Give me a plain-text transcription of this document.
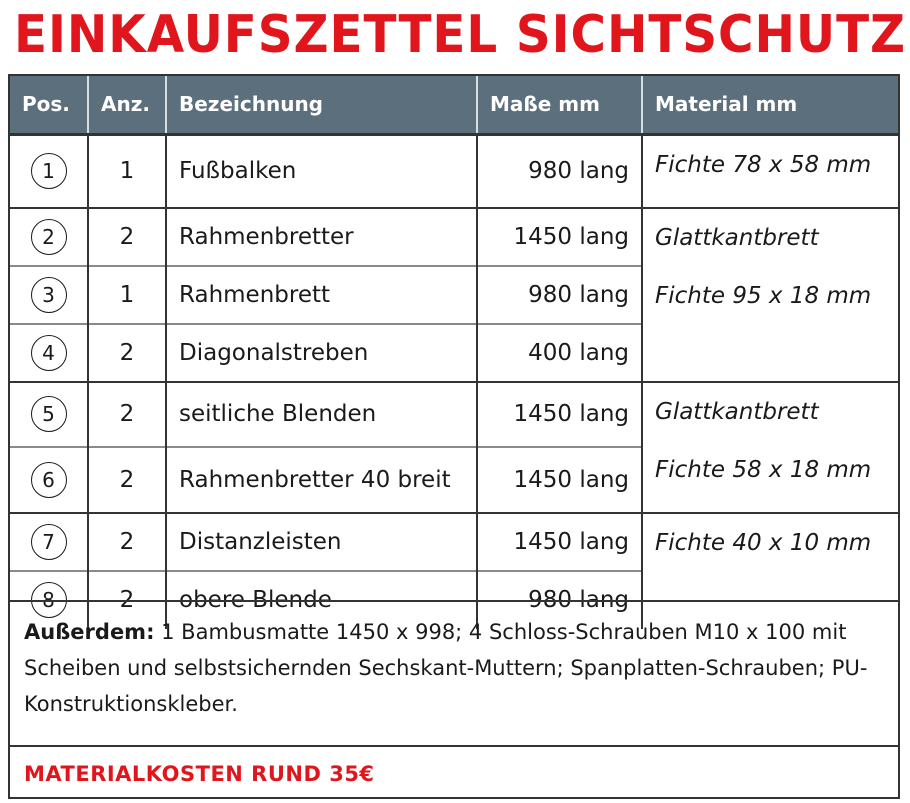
EINKAUFSZETTEL SICHTSCHUTZ
Pos.	Anz.	Bezeichnung	Maße mm	Material mm
1	1	Fußbalken	980 lang	Fichte 78 x 58 mm

2	2	Rahmenbretter	1450 lang	Glattkantbrett
Fichte 95 x 18 mm

3	1	Rahmenbrett	980 lang	
4	2	Diagonalstreben	400 lang	
5	2	seitliche Blenden	1450 lang	Glattkantbrett
Fichte 58 x 18 mm

6	2	Rahmenbretter 40 breit	1450 lang	
7	2	Distanzleisten	1450 lang	Fichte 40 x 10 mm

8	2	obere Blende	980 lang	
Außerdem: 1 Bambusmatte 1450 x 998; 4 Schloss-Schrauben M10 x 100 mit Scheiben und selbstsichernden Sechskant-Muttern; Spanplatten-Schrauben; PU-Konstruktionskleber.
MATERIALKOSTEN RUND 35€
